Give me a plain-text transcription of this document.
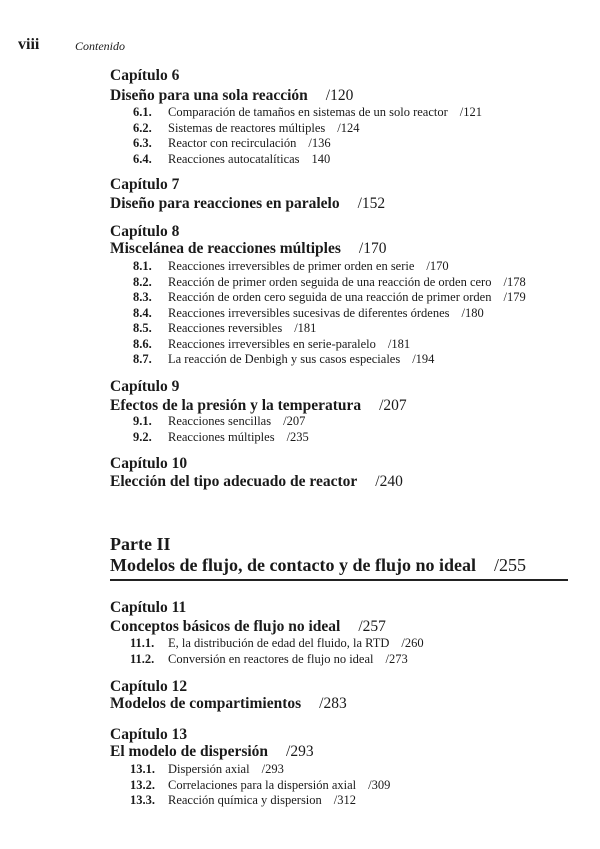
viii	Contenido
Parte II
Modelos de flujo, de contacto y de flujo no ideal /255
Capítulo 6
Diseño para una sola reacción /120
6.1. Comparación de tamaños en sistemas de un solo reactor /121
6.2. Sistemas de reactores múltiples /124
6.3. Reactor con recirculación /136
6.4. Reacciones autocatalíticas 140
Capítulo 7
Diseño para reacciones en paralelo /152
Capítulo 8
Miscelánea de reacciones múltiples /170
8.1. Reacciones irreversibles de primer orden en serie /170
8.2. Reacción de primer orden seguida de una reacción de orden cero /178
8.3. Reacción de orden cero seguida de una reacción de primer orden /179
8.4. Reacciones irreversibles sucesivas de diferentes órdenes /180
8.5. Reacciones reversibles /181
8.6. Reacciones irreversibles en serie-paralelo /181
8.7. La reacción de Denbigh y sus casos especiales /194
Capítulo 9
Efectos de la presión y la temperatura /207
9.1. Reacciones sencillas /207
9.2. Reacciones múltiples /235
Capítulo 10
Elección del tipo adecuado de reactor /240
Capítulo 11
Conceptos básicos de flujo no ideal /257
11.1. E, la distribución de edad del fluido, la RTD /260
11.2. Conversión en reactores de flujo no ideal /273
Capítulo 12
Modelos de compartimientos /283
Capítulo 13
El modelo de dispersión /293
13.1. Dispersión axial /293
13.2. Correlaciones para la dispersión axial /309
13.3. Reacción química y dispersion /312
